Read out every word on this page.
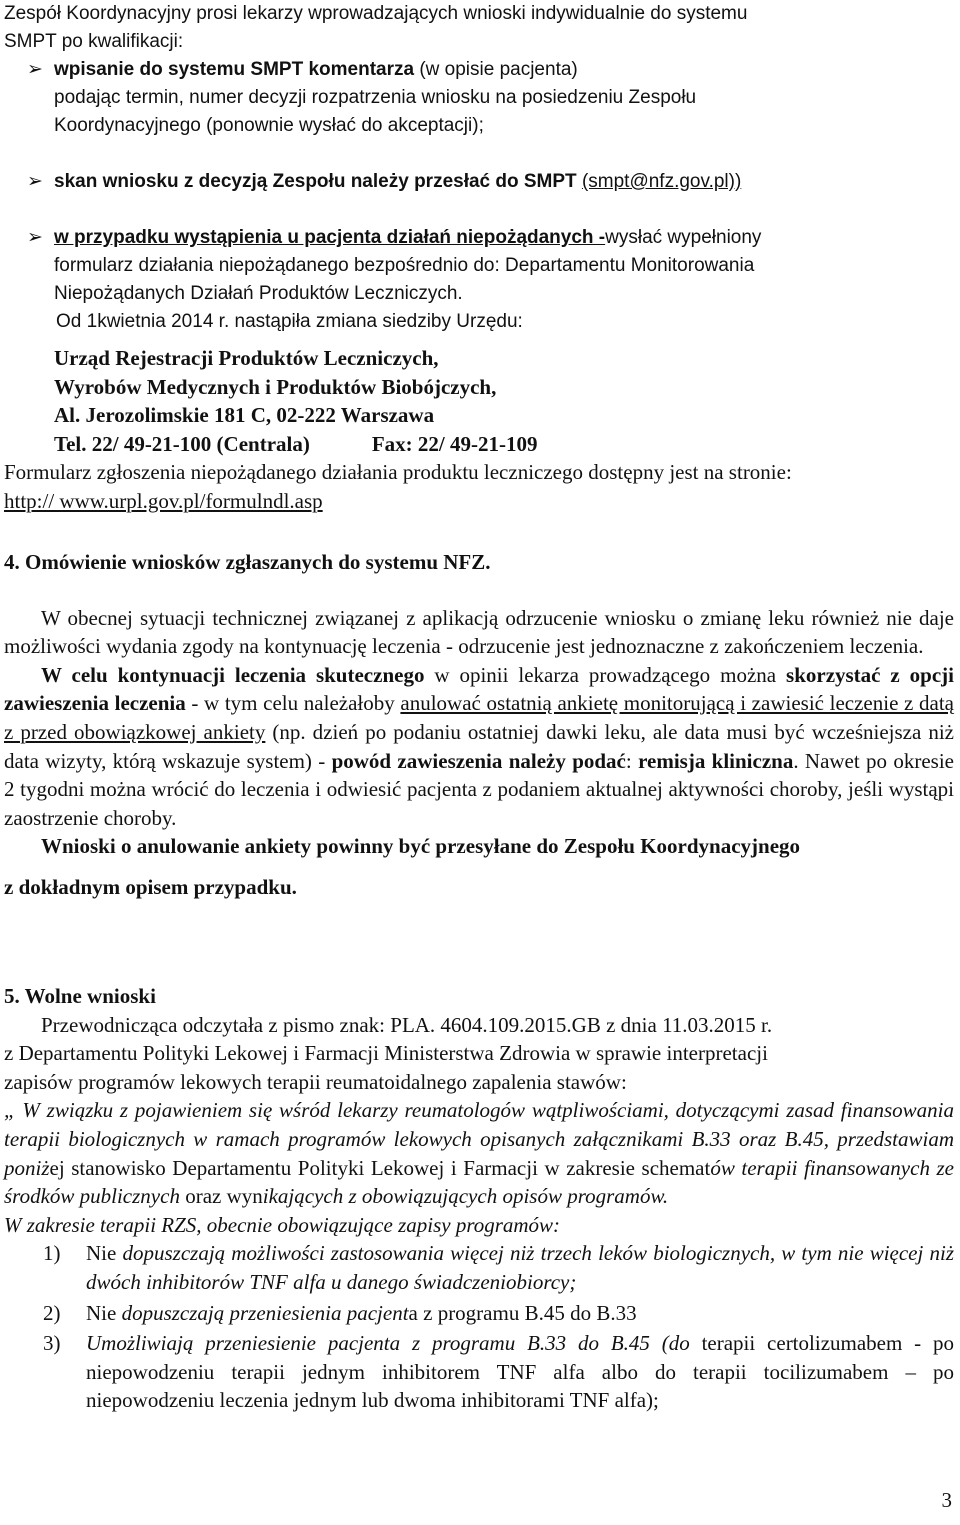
Zespół Koordynacyjny prosi lekarzy wprowadzających wnioski indywidualnie do systemu
SMPT po kwalifikacji:
➢ wpisanie do systemu SMPT komentarza (w opisie pacjenta)
podając termin, numer decyzji rozpatrzenia wniosku na posiedzeniu Zespołu
Koordynacyjnego (ponownie wysłać do akceptacji);
➢ skan wniosku z decyzją Zespołu należy przesłać do SMPT (smpt@nfz.gov.pl))
➢ w przypadku wystąpienia u pacjenta działań niepożądanych -wysłać wypełniony
formularz działania niepożądanego bezpośrednio do: Departamentu Monitorowania
Niepożądanych Działań Produktów Leczniczych.
Od 1kwietnia 2014 r. nastąpiła zmiana siedziby Urzędu:
Urząd Rejestracji Produktów Leczniczych,
Wyrobów Medycznych i Produktów Biobójczych,
Al. Jerozolimskie 181 C, 02-222 Warszawa
Tel. 22/ 49-21-100 (Centrala)	Fax: 22/ 49-21-109
Formularz zgłoszenia niepożądanego działania produktu leczniczego dostępny jest na stronie:
http:// www.urpl.gov.pl/formulndl.asp
4. Omówienie wniosków zgłaszanych do systemu NFZ.
W obecnej sytuacji technicznej związanej z aplikacją odrzucenie wniosku o zmianę leku również nie daje możliwości wydania zgody na kontynuację leczenia - odrzucenie jest jednoznaczne z zakończeniem leczenia.
W celu kontynuacji leczenia skutecznego w opinii lekarza prowadzącego można skorzystać z opcji zawieszenia leczenia - w tym celu należałoby anulować ostatnią ankietę monitorującą i zawiesić leczenie z datą z przed obowiązkowej ankiety (np. dzień po podaniu ostatniej dawki leku, ale data musi być wcześniejsza niż data wizyty, którą wskazuje system) - powód zawieszenia należy podać: remisja kliniczna. Nawet po okresie 2 tygodni można wrócić do leczenia i odwiesić pacjenta z podaniem aktualnej aktywności choroby, jeśli wystąpi zaostrzenie choroby.
Wnioski o anulowanie ankiety powinny być przesyłane do Zespołu Koordynacyjnego
z dokładnym opisem przypadku.
5. Wolne wnioski
Przewodnicząca odczytała z pismo znak: PLA. 4604.109.2015.GB z dnia 11.03.2015 r.
z Departamentu Polityki Lekowej i Farmacji Ministerstwa Zdrowia w sprawie interpretacji
zapisów programów lekowych terapii reumatoidalnego zapalenia stawów:
„ W związku z pojawieniem się wśród lekarzy reumatologów wątpliwościami, dotyczącymi zasad finansowania terapii biologicznych w ramach programów lekowych opisanych załącznikami B.33 oraz B.45, przedstawiam poniżej stanowisko Departamentu Polityki Lekowej i Farmacji w zakresie schematów terapii finansowanych ze środków publicznych oraz wynikających z obowiązujących opisów programów.
W zakresie terapii RZS, obecnie obowiązujące zapisy programów:
1) Nie dopuszczają możliwości zastosowania więcej niż trzech leków biologicznych, w tym nie więcej niż dwóch inhibitorów TNF alfa u danego świadczeniobiorcy;
2) Nie dopuszczają przeniesienia pacjenta z programu B.45 do B.33
3) Umożliwiają przeniesienie pacjenta z programu B.33 do B.45 (do terapii certolizumabem - po niepowodzeniu terapii jednym inhibitorem TNF alfa albo do terapii tocilizumabem – po niepowodzeniu leczenia jednym lub dwoma inhibitorami TNF alfa);
3
